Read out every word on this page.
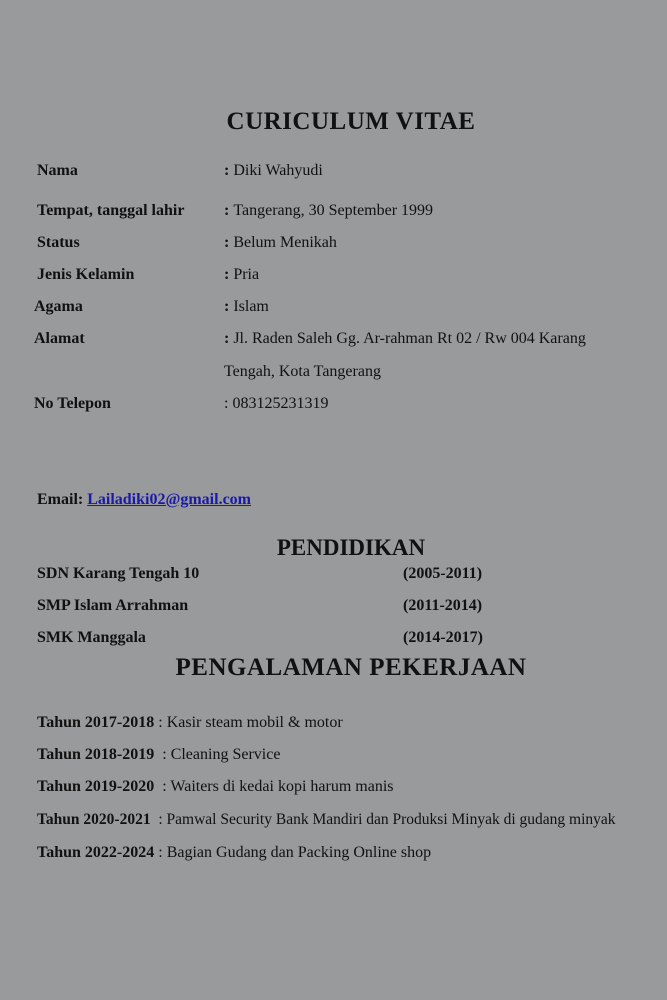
CURICULUM VITAE
Nama	: Diki Wahyudi
Tempat, tanggal lahir : Tangerang, 30 September 1999
Status	: Belum Menikah
Jenis Kelamin	: Pria
Agama	: Islam
Alamat	: Jl. Raden Saleh Gg. Ar-rahman Rt 02 / Rw 004 Karang
Tengah, Kota Tangerang
No Telepon	: 083125231319
Email: Lailadiki02@gmail.com
PENDIDIKAN
SDN Karang Tengah 10	(2005-2011)
SMP Islam Arrahman	(2011-2014)
SMK Manggala	(2014-2017)
PENGALAMAN PEKERJAAN
Tahun 2017-2018 : Kasir steam mobil & motor
Tahun 2018-2019  : Cleaning Service
Tahun 2019-2020  : Waiters di kedai kopi harum manis
Tahun 2020-2021  : Pamwal Security Bank Mandiri dan Produksi Minyak di gudang minyak
Tahun 2022-2024 : Bagian Gudang dan Packing Online shop
